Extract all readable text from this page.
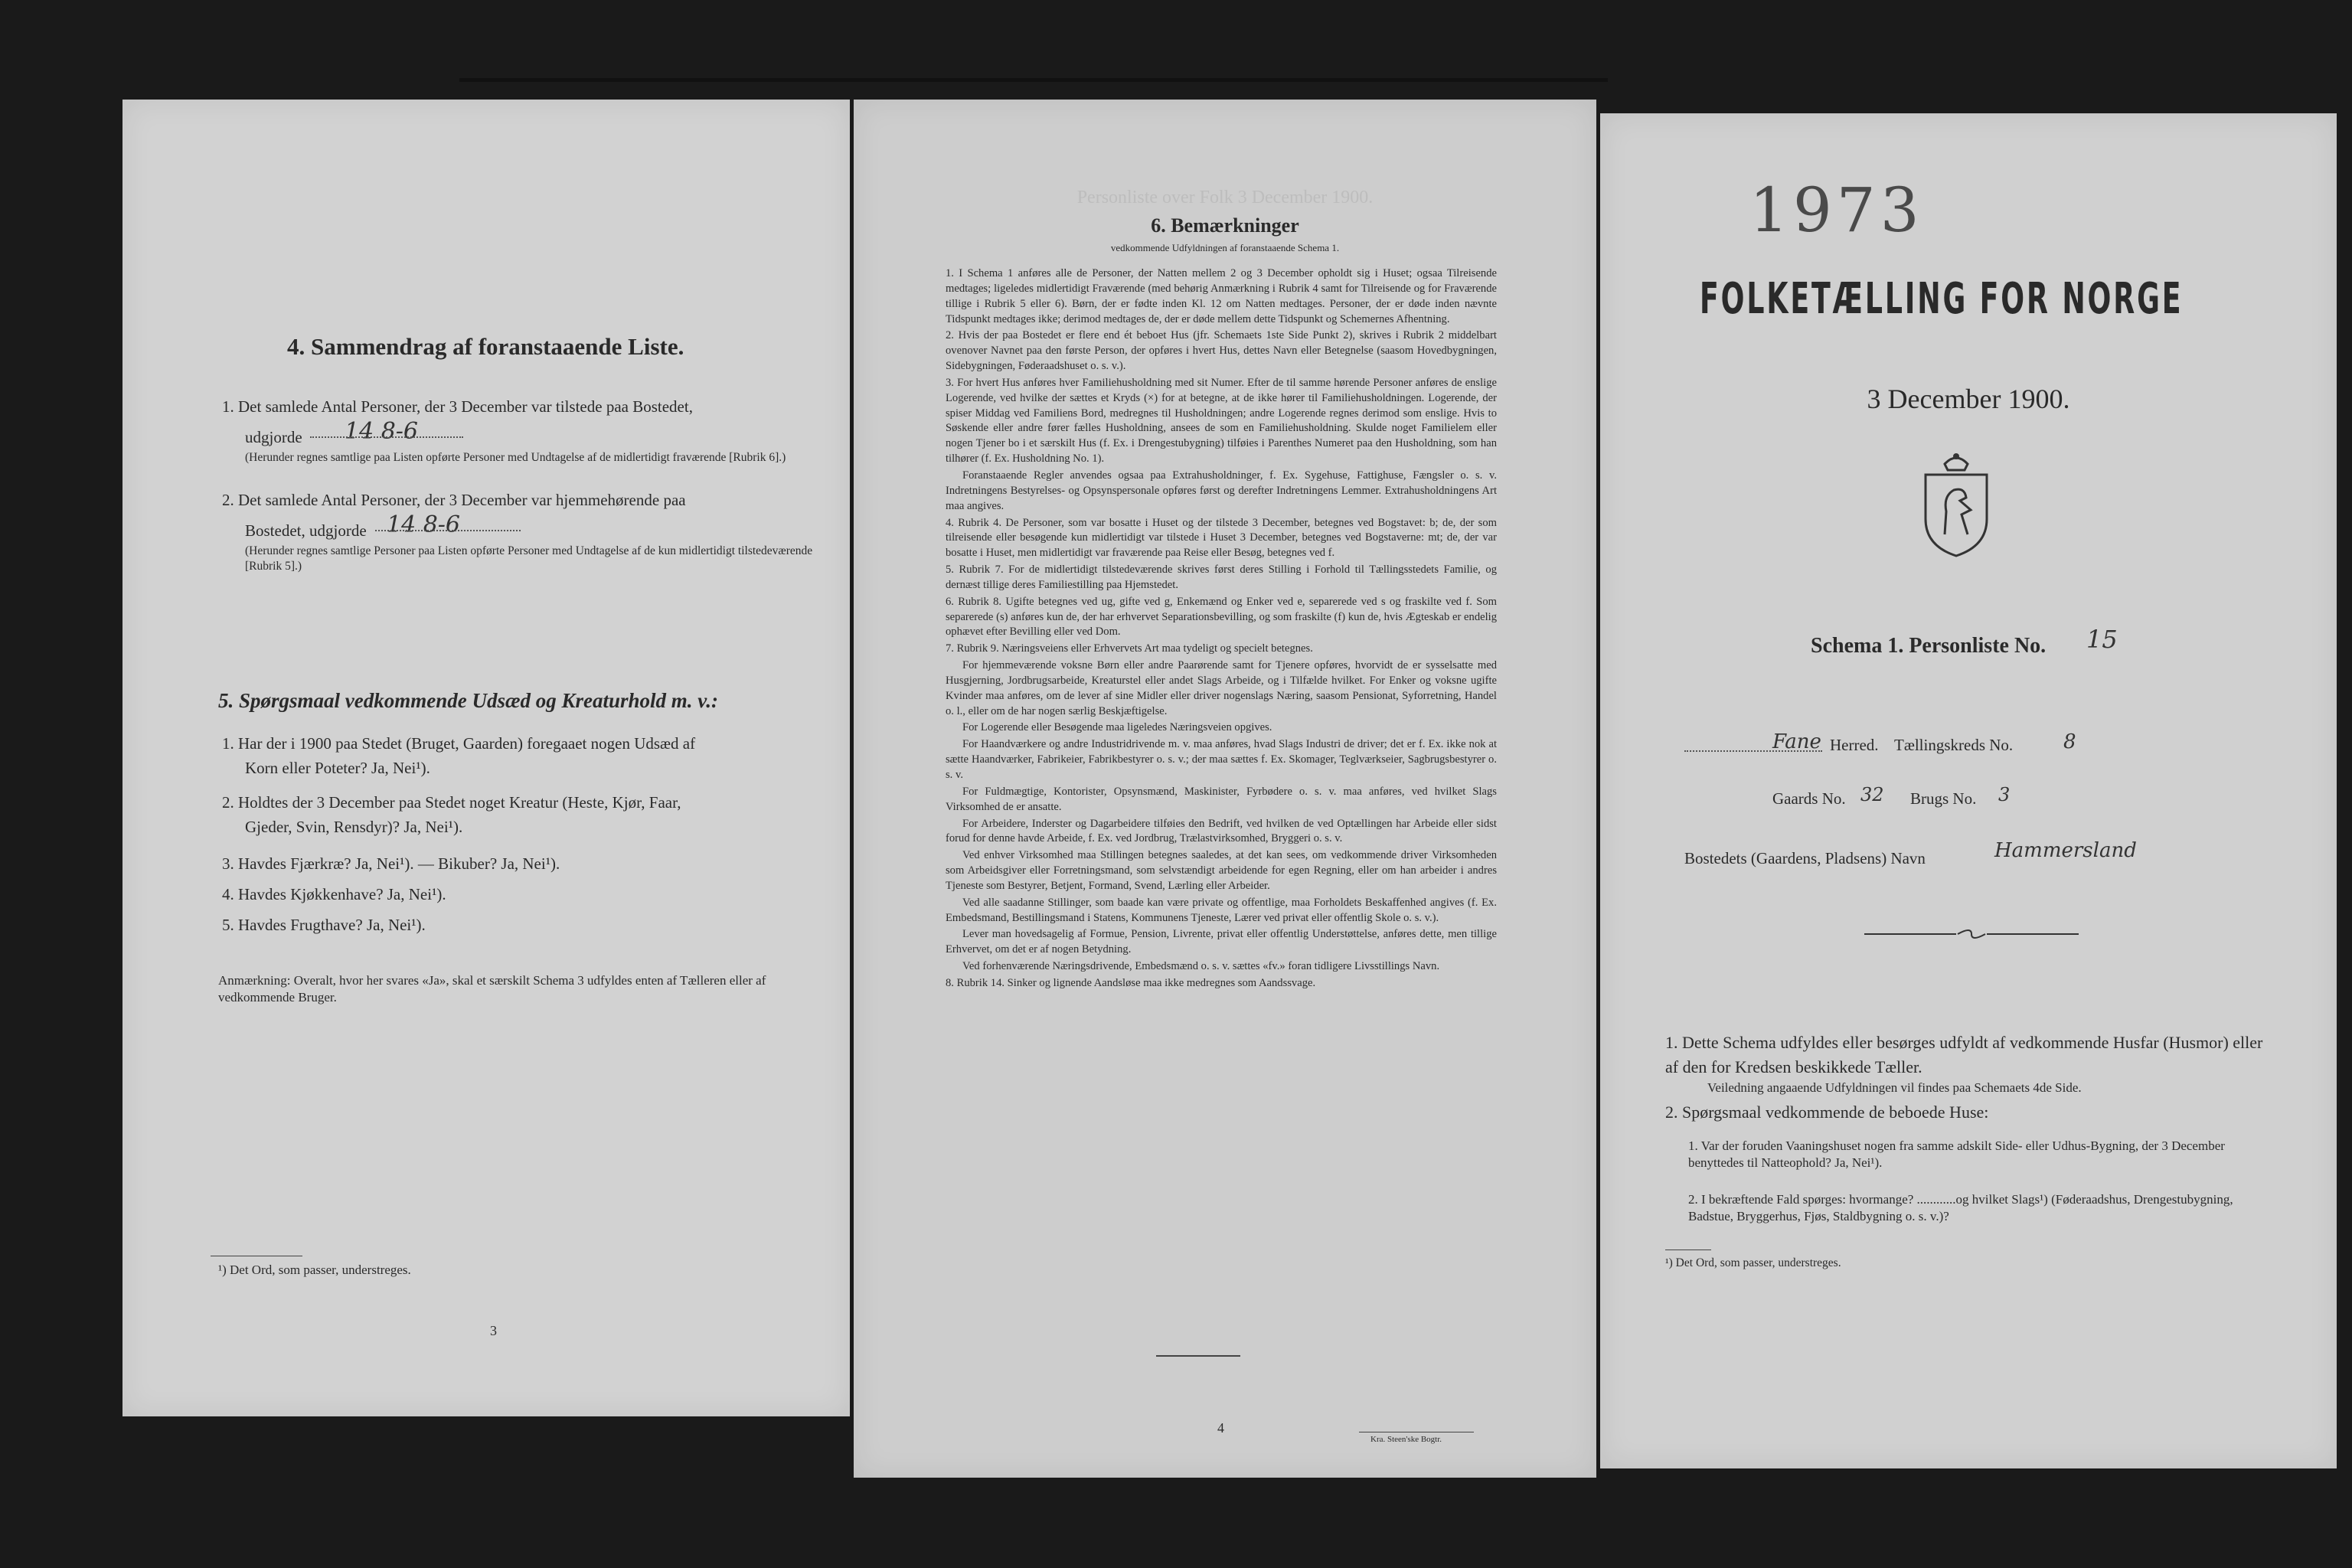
4. Sammendrag af foranstaaende Liste.
1. Det samlede Antal Personer, der 3 December var tilstede paa Bostedet,
udgjorde 14 8-6
(Herunder regnes samtlige paa Listen opførte Personer med Undtagelse af de midlertidigt fraværende [Rubrik 6].)
2. Det samlede Antal Personer, der 3 December var hjemmehørende paa
Bostedet, udgjorde 14 8-6
(Herunder regnes samtlige Personer paa Listen opførte Personer med Undtagelse af de kun midlertidigt tilstedeværende [Rubrik 5].)
5. Spørgsmaal vedkommende Udsæd og Kreaturhold m. v.:
1. Har der i 1900 paa Stedet (Bruget, Gaarden) foregaaet nogen Udsæd af
Korn eller Poteter? Ja, Nei¹).
2. Holdtes der 3 December paa Stedet noget Kreatur (Heste, Kjør, Faar,
Gjeder, Svin, Rensdyr)? Ja, Nei¹).
3. Havdes Fjærkræ? Ja, Nei¹). — Bikuber? Ja, Nei¹).
4. Havdes Kjøkkenhave? Ja, Nei¹).
5. Havdes Frugthave? Ja, Nei¹).
Anmærkning: Overalt, hvor her svares «Ja», skal et særskilt Schema 3 udfyldes enten af Tælleren eller af vedkommende Bruger.
¹) Det Ord, som passer, understreges.
3
Personliste over Folk 3 December 1900.
6. Bemærkninger
vedkommende Udfyldningen af foranstaaende Schema 1.
1. I Schema 1 anføres alle de Personer, der Natten mellem 2 og 3 December opholdt sig i Huset; ogsaa Tilreisende medtages; ligeledes midlertidigt Fraværende (med behørig Anmærkning i Rubrik 4 samt for Tilreisende og for Fraværende tillige i Rubrik 5 eller 6). Børn, der er fødte inden Kl. 12 om Natten medtages. Personer, der er døde inden nævnte Tidspunkt medtages ikke; derimod medtages de, der er døde mellem dette Tidspunkt og Schemernes Afhentning.
2. Hvis der paa Bostedet er flere end ét beboet Hus (jfr. Schemaets 1ste Side Punkt 2), skrives i Rubrik 2 middelbart ovenover Navnet paa den første Person, der opføres i hvert Hus, dettes Navn eller Betegnelse (saasom Hovedbygningen, Sidebygningen, Føderaadshuset o. s. v.).
3. For hvert Hus anføres hver Familiehusholdning med sit Numer. Efter de til samme hørende Personer anføres de enslige Logerende, ved hvilke der sættes et Kryds (×) for at betegne, at de ikke hører til Familiehusholdningen. Logerende, der spiser Middag ved Familiens Bord, medregnes til Husholdningen; andre Logerende regnes derimod som enslige. Hvis to Søskende eller andre fører fælles Husholdning, ansees de som en Familiehusholdning. Skulde noget Familielem eller nogen Tjener bo i et særskilt Hus (f. Ex. i Drengestubygning) tilføies i Parenthes Numeret paa den Husholdning, som han tilhører (f. Ex. Husholdning No. 1).
Foranstaaende Regler anvendes ogsaa paa Extrahusholdninger, f. Ex. Sygehuse, Fattighuse, Fængsler o. s. v. Indretningens Bestyrelses- og Opsynspersonale opføres først og derefter Indretningens Lemmer. Extrahusholdningens Art maa angives.
4. Rubrik 4. De Personer, som var bosatte i Huset og der tilstede 3 December, betegnes ved Bogstavet: b; de, der som tilreisende eller besøgende kun midlertidigt var tilstede i Huset 3 December, betegnes ved Bogstaverne: mt; de, der var bosatte i Huset, men midlertidigt var fraværende paa Reise eller Besøg, betegnes ved f.
5. Rubrik 7. For de midlertidigt tilstedeværende skrives først deres Stilling i Forhold til Tællingsstedets Familie, og dernæst tillige deres Familiestilling paa Hjemstedet.
6. Rubrik 8. Ugifte betegnes ved ug, gifte ved g, Enkemænd og Enker ved e, separerede ved s og fraskilte ved f. Som separerede (s) anføres kun de, der har erhvervet Separationsbevilling, og som fraskilte (f) kun de, hvis Ægteskab er endelig ophævet efter Bevilling eller ved Dom.
7. Rubrik 9. Næringsveiens eller Erhvervets Art maa tydeligt og specielt betegnes.
For hjemmeværende voksne Børn eller andre Paarørende samt for Tjenere opføres, hvorvidt de er sysselsatte med Husgjerning, Jordbrugsarbeide, Kreaturstel eller andet Slags Arbeide, og i Tilfælde hvilket. For Enker og voksne ugifte Kvinder maa anføres, om de lever af sine Midler eller driver nogenslags Næring, saasom Pensionat, Syforretning, Handel o. l., eller om de har nogen særlig Beskjæftigelse.
For Logerende eller Besøgende maa ligeledes Næringsveien opgives.
For Haandværkere og andre Industridrivende m. v. maa anføres, hvad Slags Industri de driver; det er f. Ex. ikke nok at sætte Haandværker, Fabrikeier, Fabrikbestyrer o. s. v.; der maa sættes f. Ex. Skomager, Teglværkseier, Sagbrugsbestyrer o. s. v.
For Fuldmægtige, Kontorister, Opsynsmænd, Maskinister, Fyrbødere o. s. v. maa anføres, ved hvilket Slags Virksomhed de er ansatte.
For Arbeidere, Inderster og Dagarbeidere tilføies den Bedrift, ved hvilken de ved Optællingen har Arbeide eller sidst forud for denne havde Arbeide, f. Ex. ved Jordbrug, Trælastvirksomhed, Bryggeri o. s. v.
Ved enhver Virksomhed maa Stillingen betegnes saaledes, at det kan sees, om vedkommende driver Virksomheden som Arbeidsgiver eller Forretningsmand, som selvstændigt arbeidende for egen Regning, eller om han arbeider i andres Tjeneste som Bestyrer, Betjent, Formand, Svend, Lærling eller Arbeider.
Ved alle saadanne Stillinger, som baade kan være private og offentlige, maa Forholdets Beskaffenhed angives (f. Ex. Embedsmand, Bestillingsmand i Statens, Kommunens Tjeneste, Lærer ved privat eller offentlig Skole o. s. v.).
Lever man hovedsagelig af Formue, Pension, Livrente, privat eller offentlig Understøttelse, anføres dette, men tillige Erhvervet, om det er af nogen Betydning.
Ved forhenværende Næringsdrivende, Embedsmænd o. s. v. sættes «fv.» foran tidligere Livsstillings Navn.
8. Rubrik 14. Sinker og lignende Aandsløse maa ikke medregnes som Aandssvage.
4
Kra. Steen'ske Bogtr.
1973
FOLKETÆLLING FOR NORGE
3 December 1900.
Schema 1. Personliste No. 15
Fane Herred. Tællingskreds No.	8
Gaards No. 32 Brugs No. 3
Bostedets (Gaardens, Pladsens) Navn	Hammersland
1. Dette Schema udfyldes eller besørges udfyldt af vedkommende Husfar (Husmor) eller af den for Kredsen beskikkede Tæller.
Veiledning angaaende Udfyldningen vil findes paa Schemaets 4de Side.
2. Spørgsmaal vedkommende de beboede Huse:
1. Var der foruden Vaaningshuset nogen fra samme adskilt Side- eller Udhus-Bygning, der 3 December benyttedes til Natteophold? Ja, Nei¹).
2. I bekræftende Fald spørges: hvormange? ............og hvilket Slags¹) (Føderaadshus, Drengestubygning, Badstue, Bryggerhus, Fjøs, Staldbygning o. s. v.)?
¹) Det Ord, som passer, understreges.
